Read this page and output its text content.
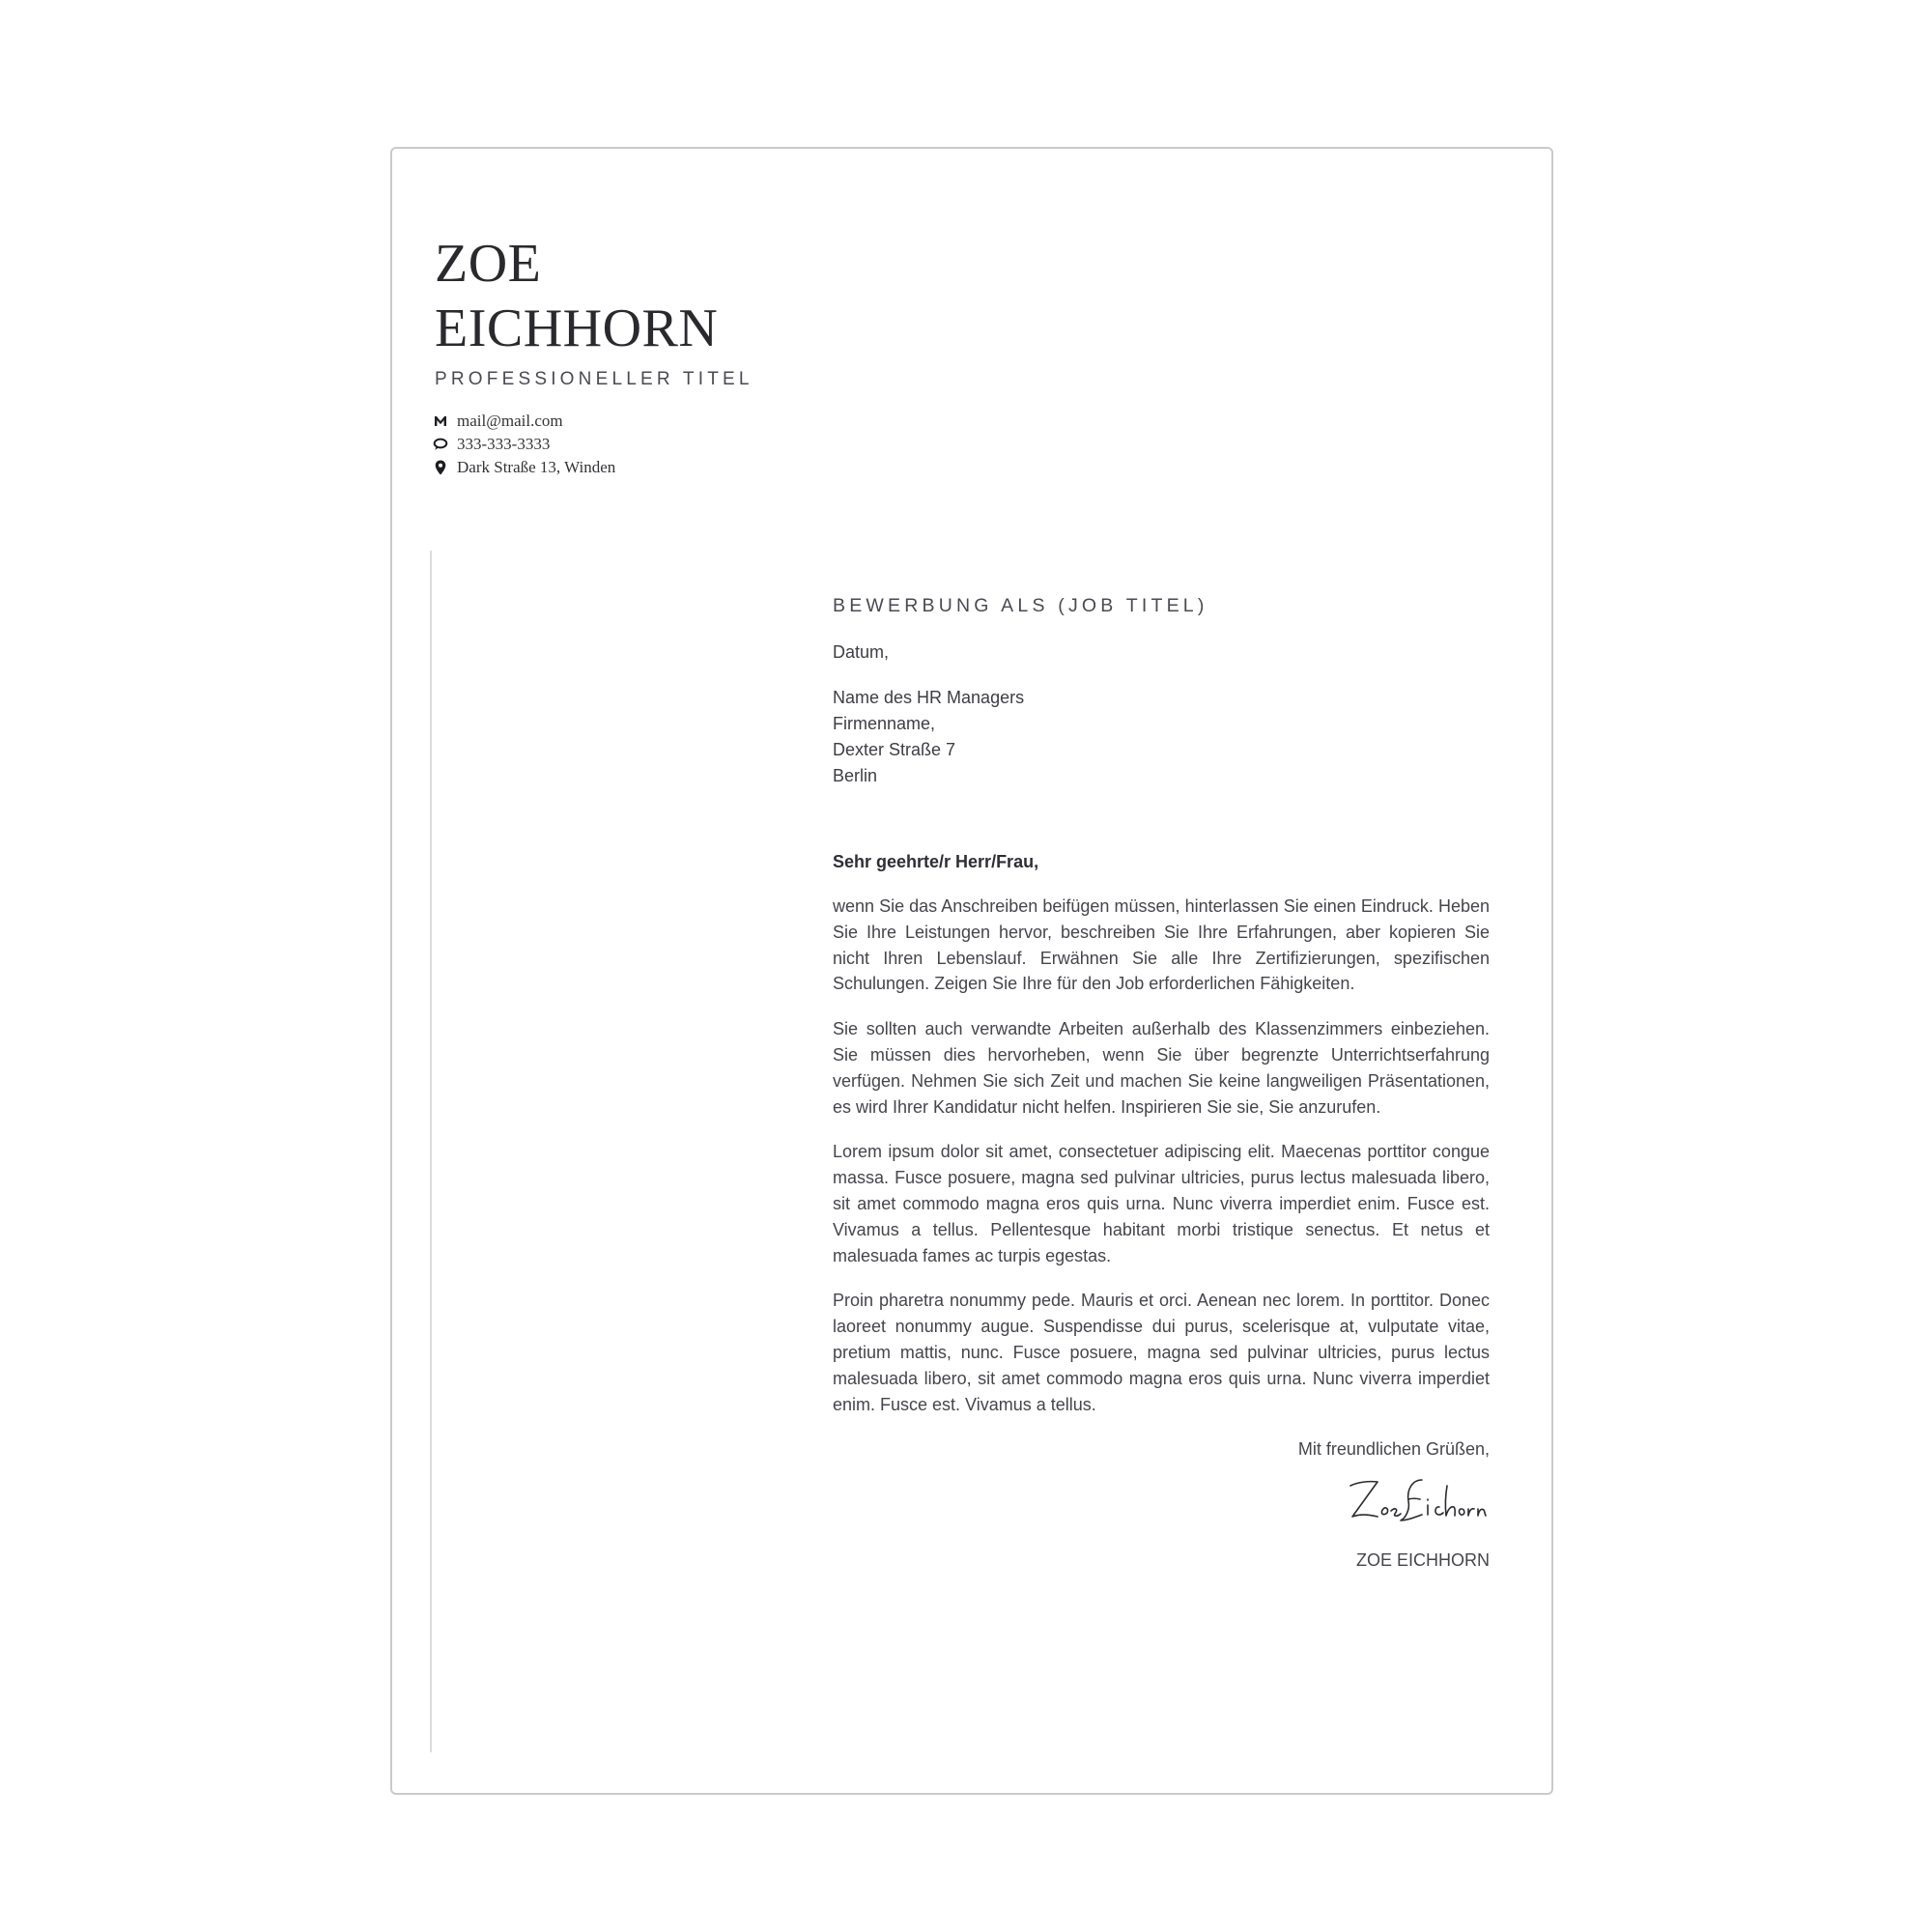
ZOE
EICHHORN
PROFESSIONELLER TITEL
mail@mail.com
333-333-3333
Dark Straße 13, Winden
BEWERBUNG ALS (JOB TITEL)
Datum,
Name des HR Managers
Firmenname,
Dexter Straße 7
Berlin
Sehr geehrte/r Herr/Frau,

wenn Sie das Anschreiben beifügen müssen, hinterlassen Sie einen Eindruck. Heben Sie Ihre Leistungen hervor, beschreiben Sie Ihre Erfahrungen, aber kopieren Sie nicht Ihren Lebenslauf. Erwähnen Sie alle Ihre Zertifizierungen, spezifischen Schulungen. Zeigen Sie Ihre für den Job erforderlichen Fähigkeiten.

Sie sollten auch verwandte Arbeiten außerhalb des Klassenzimmers einbeziehen. Sie müssen dies hervorheben, wenn Sie über begrenzte Unterrichtserfahrung verfügen. Nehmen Sie sich Zeit und machen Sie keine langweiligen Präsentationen, es wird Ihrer Kandidatur nicht helfen. Inspirieren Sie sie, Sie anzurufen.

Lorem ipsum dolor sit amet, consectetuer adipiscing elit. Maecenas porttitor congue massa. Fusce posuere, magna sed pulvinar ultricies, purus lectus malesuada libero, sit amet commodo magna eros quis urna. Nunc viverra imperdiet enim. Fusce est. Vivamus a tellus. Pellentesque habitant morbi tristique senectus. Et netus et malesuada fames ac turpis egestas.

Proin pharetra nonummy pede. Mauris et orci. Aenean nec lorem. In porttitor. Donec laoreet nonummy augue. Suspendisse dui purus, scelerisque at, vulputate vitae, pretium mattis, nunc. Fusce posuere, magna sed pulvinar ultricies, purus lectus malesuada libero, sit amet commodo magna eros quis urna. Nunc viverra imperdiet enim. Fusce est. Vivamus a tellus.

Mit freundlichen Grüßen,
ZOE EICHHORN
